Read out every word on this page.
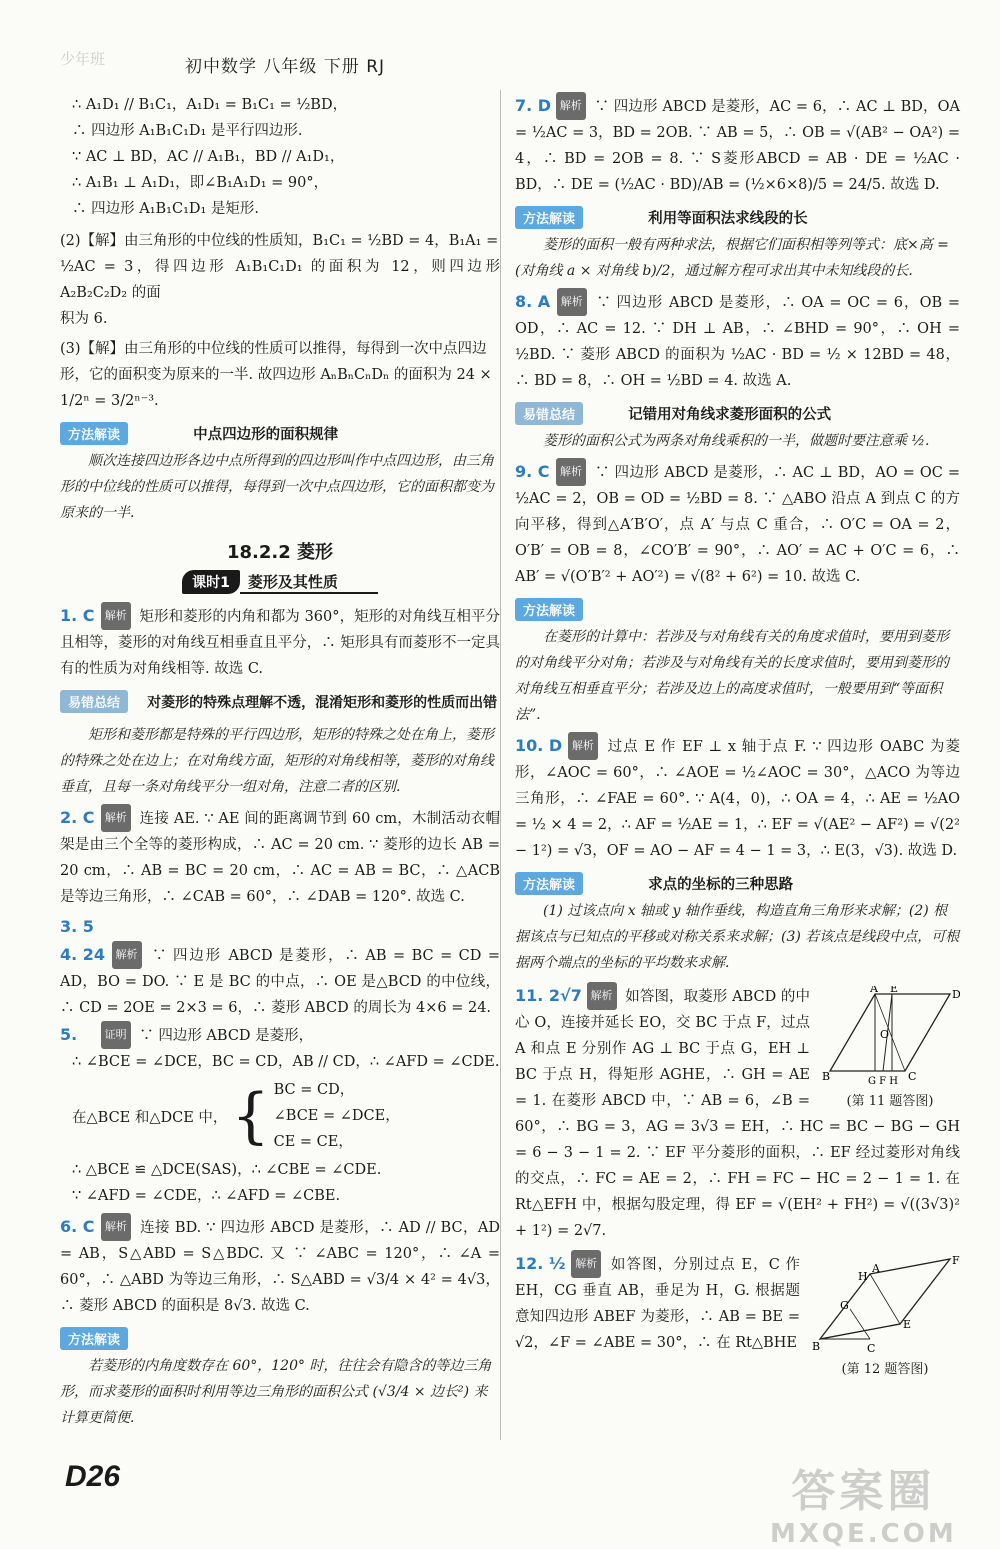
少年班	初中数学 八年级 下册 RJ

∴ A₁D₁ // B₁C₁，A₁D₁ = B₁C₁ = ½BD，

∴ 四边形 A₁B₁C₁D₁ 是平行四边形.

∵ AC ⊥ BD，AC // A₁B₁，BD // A₁D₁，

∴ A₁B₁ ⊥ A₁D₁，即∠B₁A₁D₁ = 90°，

∴ 四边形 A₁B₁C₁D₁ 是矩形.

(2)【解】由三角形的中位线的性质知，B₁C₁ = ½BD = 4，B₁A₁ =

½AC = 3，得四边形 A₁B₁C₁D₁ 的面积为 12，则四边形 A₂B₂C₂D₂ 的面

积为 6.

(3)【解】由三角形的中位线的性质可以推得，每得到一次中点四边

形，它的面积变为原来的一半. 故四边形 AₙBₙCₙDₙ 的面积为 24 ×

1/2ⁿ = 3/2ⁿ⁻³.

方法解读	中点四边形的面积规律

顺次连接四边形各边中点所得到的四边形叫作中点四边形，由三角形的中位线的性质可以推得，每得到一次中点四边形，它的面积都变为原来的一半.

18.2.2 菱形
课时1	菱形及其性质

1. C 解析 矩形和菱形的内角和都为 360°，矩形的对角线互相平分且相等，菱形的对角线互相垂直且平分，∴ 矩形具有而菱形不一定具有的性质为对角线相等. 故选 C.

易错总结 对菱形的特殊点理解不透，混淆矩形和菱形的性质而出错

矩形和菱形都是特殊的平行四边形，矩形的特殊之处在角上，菱形的特殊之处在边上；在对角线方面，矩形的对角线相等，菱形的对角线垂直，且每一条对角线平分一组对角，注意二者的区别.

2. C 解析 连接 AE. ∵ AE 间的距离调节到 60 cm，木制活动衣帽架是由三个全等的菱形构成，∴ AC = 20 cm. ∵ 菱形的边长 AB = 20 cm，∴ AB = BC = 20 cm，∴ AC = AB = BC，∴ △ACB 是等边三角形，∴ ∠CAB = 60°，∴ ∠DAB = 120°. 故选 C.

3. 5

4. 24 解析 ∵ 四边形 ABCD 是菱形，∴ AB = BC = CD = AD，BO = DO. ∵ E 是 BC 的中点，∴ OE 是△BCD 的中位线，∴ CD = 2OE = 2×3 = 6，∴ 菱形 ABCD 的周长为 4×6 = 24.

5. 证明 ∵ 四边形 ABCD 是菱形，

∴ ∠BCE = ∠DCE，BC = CD，AB // CD，∴ ∠AFD = ∠CDE.

在△BCE 和△DCE 中， { BC = CD，

∠BCE = ∠DCE，

CE = CE，

∴ △BCE ≌ △DCE(SAS)，∴ ∠CBE = ∠CDE.

∵ ∠AFD = ∠CDE，∴ ∠AFD = ∠CBE.

6. C 解析 连接 BD. ∵ 四边形 ABCD 是菱形，∴ AD // BC，AD = AB，S△ABD = S△BDC. 又 ∵ ∠ABC = 120°，∴ ∠A = 60°，∴ △ABD 为等边三角形，∴ S△ABD = √3/4 × 4² = 4√3，∴ 菱形 ABCD 的面积是 8√3. 故选 C.

方法解读

若菱形的内角度数存在 60°，120° 时，往往会有隐含的等边三角形，而求菱形的面积时利用等边三角形的面积公式 (√3/4 × 边长²) 来计算更简便.

7. D 解析 ∵ 四边形 ABCD 是菱形，AC = 6，∴ AC ⊥ BD，OA = ½AC = 3，BD = 2OB. ∵ AB = 5，∴ OB = √(AB² − OA²) = 4，∴ BD = 2OB = 8. ∵ S菱形ABCD = AB · DE = ½AC · BD，∴ DE = (½AC · BD)/AB = (½×6×8)/5 = 24/5. 故选 D.

方法解读	利用等面积法求线段的长

菱形的面积一般有两种求法，根据它们面积相等列等式：底×高 = (对角线 a × 对角线 b)/2，通过解方程可求出其中未知线段的长.

8. A 解析 ∵ 四边形 ABCD 是菱形，∴ OA = OC = 6，OB = OD，∴ AC = 12. ∵ DH ⊥ AB，∴ ∠BHD = 90°，∴ OH = ½BD. ∵ 菱形 ABCD 的面积为 ½AC · BD = ½ × 12BD = 48，∴ BD = 8，∴ OH = ½BD = 4. 故选 A.

易错总结	记错用对角线求菱形面积的公式

菱形的面积公式为两条对角线乘积的一半，做题时要注意乘 ½.

9. C 解析 ∵ 四边形 ABCD 是菱形，∴ AC ⊥ BD，AO = OC = ½AC = 2，OB = OD = ½BD = 8. ∵ △ABO 沿点 A 到点 C 的方向平移，得到△A′B′O′，点 A′ 与点 C 重合，∴ O′C = OA = 2，O′B′ = OB = 8，∠CO′B′ = 90°，∴ AO′ = AC + O′C = 6，∴ AB′ = √(O′B′² + AO′²) = √(8² + 6²) = 10. 故选 C.

方法解读

在菱形的计算中：若涉及与对角线有关的角度求值时，要用到菱形的对角线平分对角；若涉及与对角线有关的长度求值时，要用到菱形的对角线互相垂直平分；若涉及边上的高度求值时，一般要用到“等面积法”.

10. D 解析 过点 E 作 EF ⊥ x 轴于点 F. ∵ 四边形 OABC 为菱形，∠AOC = 60°，∴ ∠AOE = ½∠AOC = 30°，△ACO 为等边三角形，∴ ∠FAE = 60°. ∵ A(4，0)，∴ OA = 4，∴ AE = ½AO = ½ × 4 = 2，∴ AF = ½AE = 1，∴ EF = √(AE² − AF²) = √(2² − 1²) = √3，OF = AO − AF = 4 − 1 = 3，∴ E(3，√3). 故选 D.

方法解读	求点的坐标的三种思路

(1) 过该点向 x 轴或 y 轴作垂线，构造直角三角形来求解；(2) 根据该点与已知点的平移或对称关系来求解；(3) 若该点是线段中点，可根据两个端点的坐标的平均数来求解.

B
A E	D
C
O
G F H
(第 11 题答图)

11. 2√7 解析 如答图，取菱形 ABCD 的中心 O，连接并延长 EO，交 BC 于点 F，过点 A 和点 E 分别作 AG ⊥ BC 于点 G，EH ⊥ BC 于点 H，得矩形 AGHE，∴ GH = AE = 1. 在菱形 ABCD 中，∵ AB = 6，∠B = 60°，∴ BG = 3，AG = 3√3 = EH，∴ HC = BC − BG − GH = 6 − 3 − 1 = 2. ∵ EF 平分菱形的面积，∴ EF 经过菱形对角线的交点，∴ FC = AE = 2，∴ FH = FC − HC = 2 − 1 = 1. 在 Rt△EFH 中，根据勾股定理，得 EF = √(EH² + FH²) = √((3√3)² + 1²) = 2√7.

B
A
H
F
E
G
C
(第 12 题答图)

12. ½ 解析 如答图，分别过点 E，C 作 EH，CG 垂直 AB，垂足为 H，G. 根据题意知四边形 ABEF 为菱形，∴ AB = BE = √2，∠F = ∠ABE = 30°，∴ 在 Rt△BHE

D26	答案圈
MXQE.COM
